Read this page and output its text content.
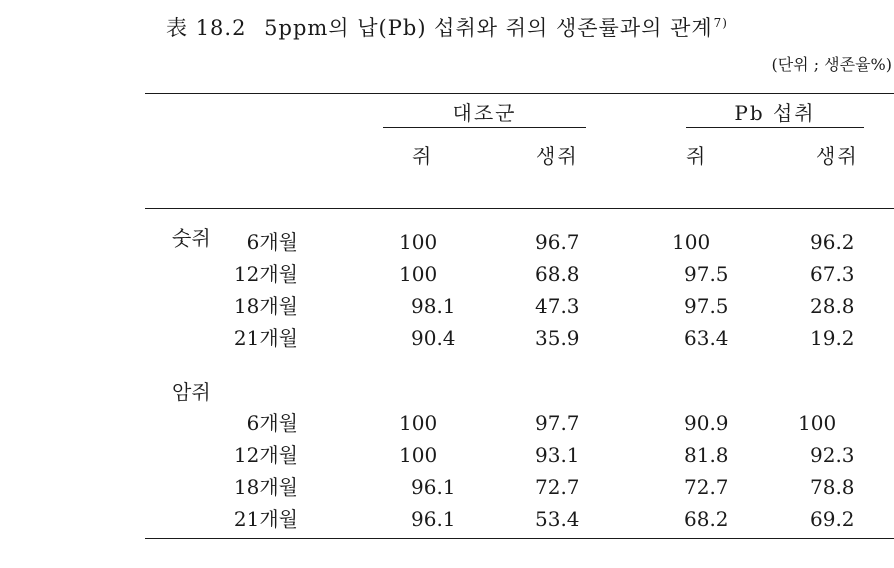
表 18.2 5ppm의 납(Pb) 섭취와 쥐의 생존률과의 관계$^{7)}$
(단위 ; 생존율%)
대조군	Pb 섭취
쥐	생쥐	쥐	생쥐
숫쥐
암쥐
6개월	100	96.7	100	96.2
12개월	100	68.8	97.5	67.3
18개월	98.1	47.3	97.5	28.8
21개월	90.4	35.9	63.4	19.2
6개월	100	97.7	90.9	100
12개월	100	93.1	81.8	92.3
18개월	96.1	72.7	72.7	78.8
21개월	96.1	53.4	68.2	69.2
